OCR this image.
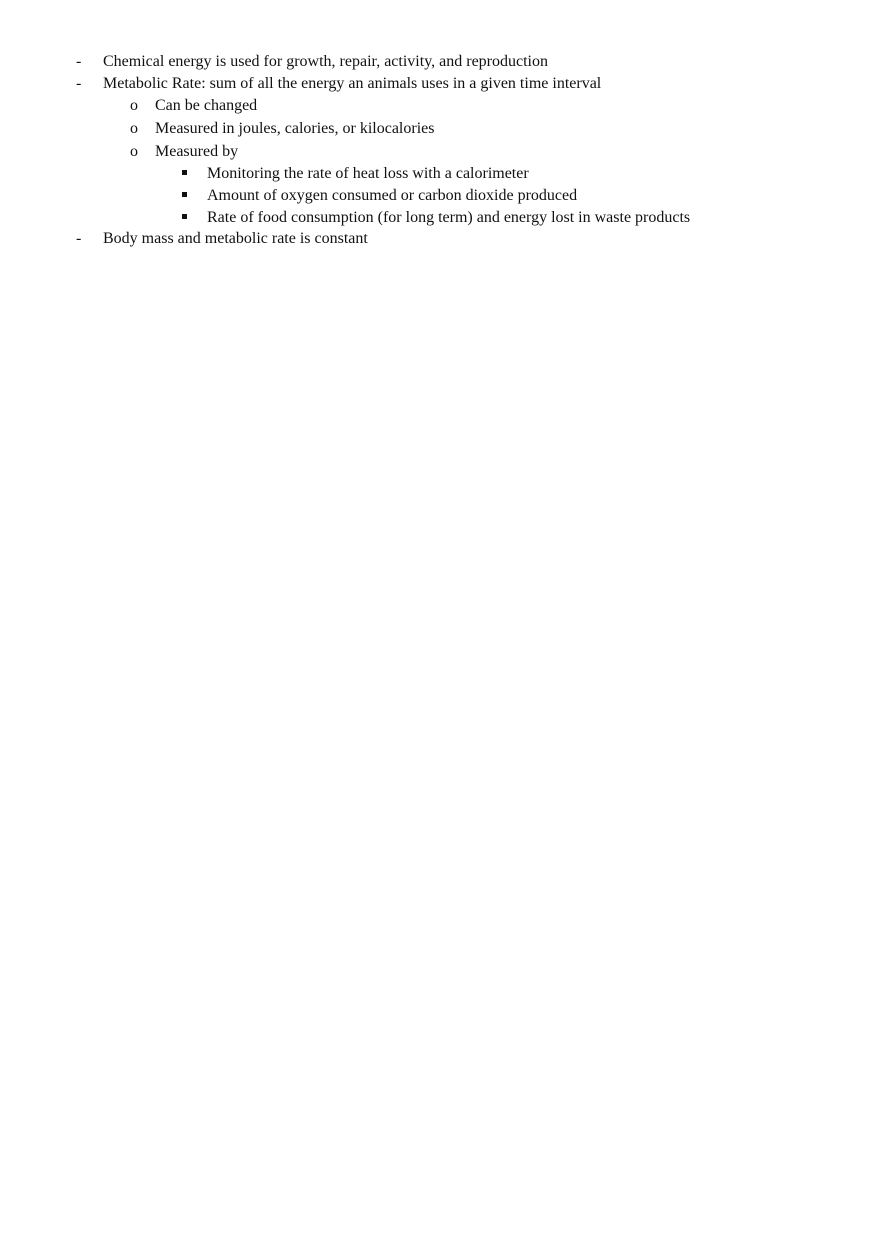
- Chemical energy is used for growth, repair, activity, and reproduction
- Metabolic Rate: sum of all the energy an animals uses in a given time interval
o Can be changed
o Measured in joules, calories, or kilocalories
o Measured by
Monitoring the rate of heat loss with a calorimeter
Amount of oxygen consumed or carbon dioxide produced
Rate of food consumption (for long term) and energy lost in waste products
- Body mass and metabolic rate is constant
